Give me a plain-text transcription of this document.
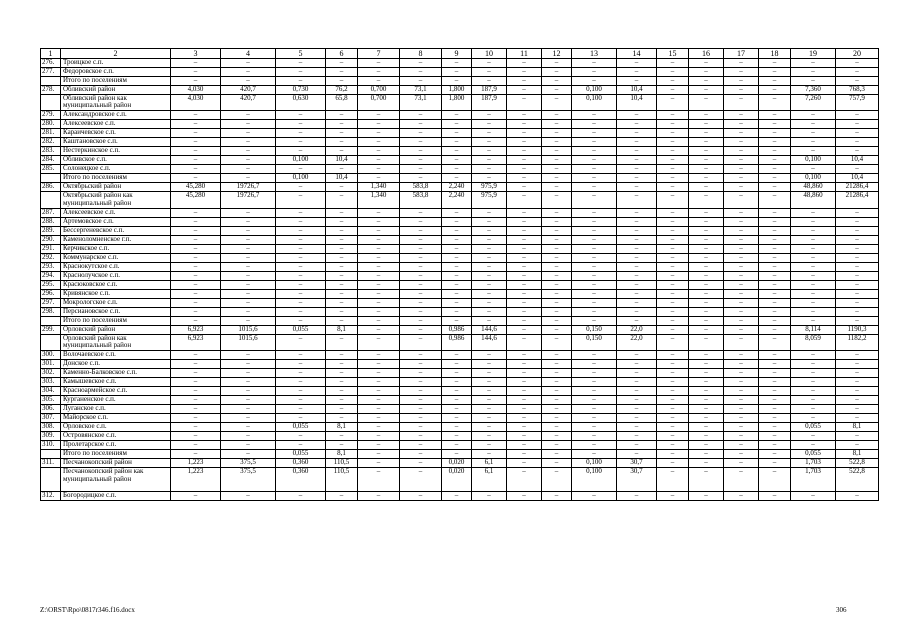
1	2	3	4	5	6	7	8	9	10	11	12	13	14	15	16	17	18	19	20
276.	Троицкое с.п.	–	–	–	–	–	–	–	–	–	–	–	–	–	–	–	–	–	–
277.	Федоровское с.п.	–	–	–	–	–	–	–	–	–	–	–	–	–	–	–	–	–	–
	Итого по поселениям	–	–	–	–	–	–	–	–	–	–	–	–	–	–	–	–	–	–
278.	Обливский район	4,030	420,7	0,730	76,2	0,700	73,1	1,800	187,9	–	–	0,100	10,4	–	–	–	–	7,360	768,3
	Обливский район как муниципальный район	4,030	420,7	0,630	65,8	0,700	73,1	1,800	187,9	–	–	0,100	10,4	–	–	–	–	7,260	757,9
279.	Александровское с.п.	–	–	–	–	–	–	–	–	–	–	–	–	–	–	–	–	–	–
280.	Алексеевское с.п.	–	–	–	–	–	–	–	–	–	–	–	–	–	–	–	–	–	–
281.	Караичевское с.п.	–	–	–	–	–	–	–	–	–	–	–	–	–	–	–	–	–	–
282.	Каштановское с.п.	–	–	–	–	–	–	–	–	–	–	–	–	–	–	–	–	–	–
283.	Нестеркинское с.п.	–	–	–	–	–	–	–	–	–	–	–	–	–	–	–	–	–	–
284.	Обливское с.п.	–	–	0,100	10,4	–	–	–	–	–	–	–	–	–	–	–	–	0,100	10,4
285.	Солонецкое с.п.	–	–	–	–	–	–	–	–	–	–	–	–	–	–	–	–	–	–
	Итого по поселениям	–	–	0,100	10,4	–	–	–	–	–	–	–	–	–	–	–	–	0,100	10,4
286.	Октябрьский район	45,280	19726,7	–	–	1,340	583,8	2,240	975,9	–	–	–	–	–	–	–	–	48,860	21286,4
	Октябрьский район как муниципальный район	45,280	19726,7	–	–	1,340	583,8	2,240	975,9	–	–	–	–	–	–	–	–	48,860	21286,4
287.	Алексеевское с.п.	–	–	–	–	–	–	–	–	–	–	–	–	–	–	–	–	–	–
288.	Артемовское с.п.	–	–	–	–	–	–	–	–	–	–	–	–	–	–	–	–	–	–
289.	Бессергеневское с.п.	–	–	–	–	–	–	–	–	–	–	–	–	–	–	–	–	–	–
290.	Каменоломненское г.п.	–	–	–	–	–	–	–	–	–	–	–	–	–	–	–	–	–	–
291.	Керчикское с.п.	–	–	–	–	–	–	–	–	–	–	–	–	–	–	–	–	–	–
292.	Коммунарское с.п.	–	–	–	–	–	–	–	–	–	–	–	–	–	–	–	–	–	–
293.	Краснокутское с.п.	–	–	–	–	–	–	–	–	–	–	–	–	–	–	–	–	–	–
294.	Краснолучское с.п.	–	–	–	–	–	–	–	–	–	–	–	–	–	–	–	–	–	–
295.	Красюковское с.п.	–	–	–	–	–	–	–	–	–	–	–	–	–	–	–	–	–	–
296.	Кривянское с.п.	–	–	–	–	–	–	–	–	–	–	–	–	–	–	–	–	–	–
297.	Мокрологское с.п.	–	–	–	–	–	–	–	–	–	–	–	–	–	–	–	–	–	–
298.	Персиановское с.п.	–	–	–	–	–	–	–	–	–	–	–	–	–	–	–	–	–	–
	Итого по поселениям	–	–	–	–	–	–	–	–	–	–	–	–	–	–	–	–	–	–
299.	Орловский район	6,923	1015,6	0,055	8,1	–	–	0,986	144,6	–	–	0,150	22,0	–	–	–	–	8,114	1190,3
	Орловский район как муниципальный район	6,923	1015,6	–	–	–	–	0,986	144,6	–	–	0,150	22,0	–	–	–	–	8,059	1182,2
300.	Волочаевское с.п.	–	–	–	–	–	–	–	–	–	–	–	–	–	–	–	–	–	–
301.	Донское с.п.	–	–	–	–	–	–	–	–	–	–	–	–	–	–	–	–	–	–
302.	Каменно-Балковское с.п.	–	–	–	–	–	–	–	–	–	–	–	–	–	–	–	–	–	–
303.	Камышевское с.п.	–	–	–	–	–	–	–	–	–	–	–	–	–	–	–	–	–	–
304.	Красноармейское с.п.	–	–	–	–	–	–	–	–	–	–	–	–	–	–	–	–	–	–
305.	Курганенское с.п.	–	–	–	–	–	–	–	–	–	–	–	–	–	–	–	–	–	–
306.	Луганское с.п.	–	–	–	–	–	–	–	–	–	–	–	–	–	–	–	–	–	–
307.	Майорское с.п.	–	–	–	–	–	–	–	–	–	–	–	–	–	–	–	–	–	–
308.	Орловское с.п.	–	–	0,055	8,1	–	–	–	–	–	–	–	–	–	–	–	–	0,055	8,1
309.	Островянское с.п.	–	–	–	–	–	–	–	–	–	–	–	–	–	–	–	–	–	–
310.	Пролетарское с.п.	–	–	–	–	–	–	–	–	–	–	–	–	–	–	–	–	–	–
	Итого по поселениям	–	–	0,055	8,1	–	–	–	–	–	–	–	–	–	–	–	–	0,055	8,1
311.	Песчанокопский район	1,223	375,5	0,360	110,5	–	–	0,020	6,1	–	–	0,100	30,7	–	–	–	–	1,703	522,8
	Песчанокопский район как муниципальный район	1,223	375,5	0,360	110,5	–	–	0,020	6,1	–	–	0,100	30,7	–	–	–	–	1,703	522,8
312.	Богородицкое с.п.	–	–	–	–	–	–	–	–	–	–	–	–	–	–	–	–	–	–
Z:\ORST\Rpo\0817r346.f16.docx	306
